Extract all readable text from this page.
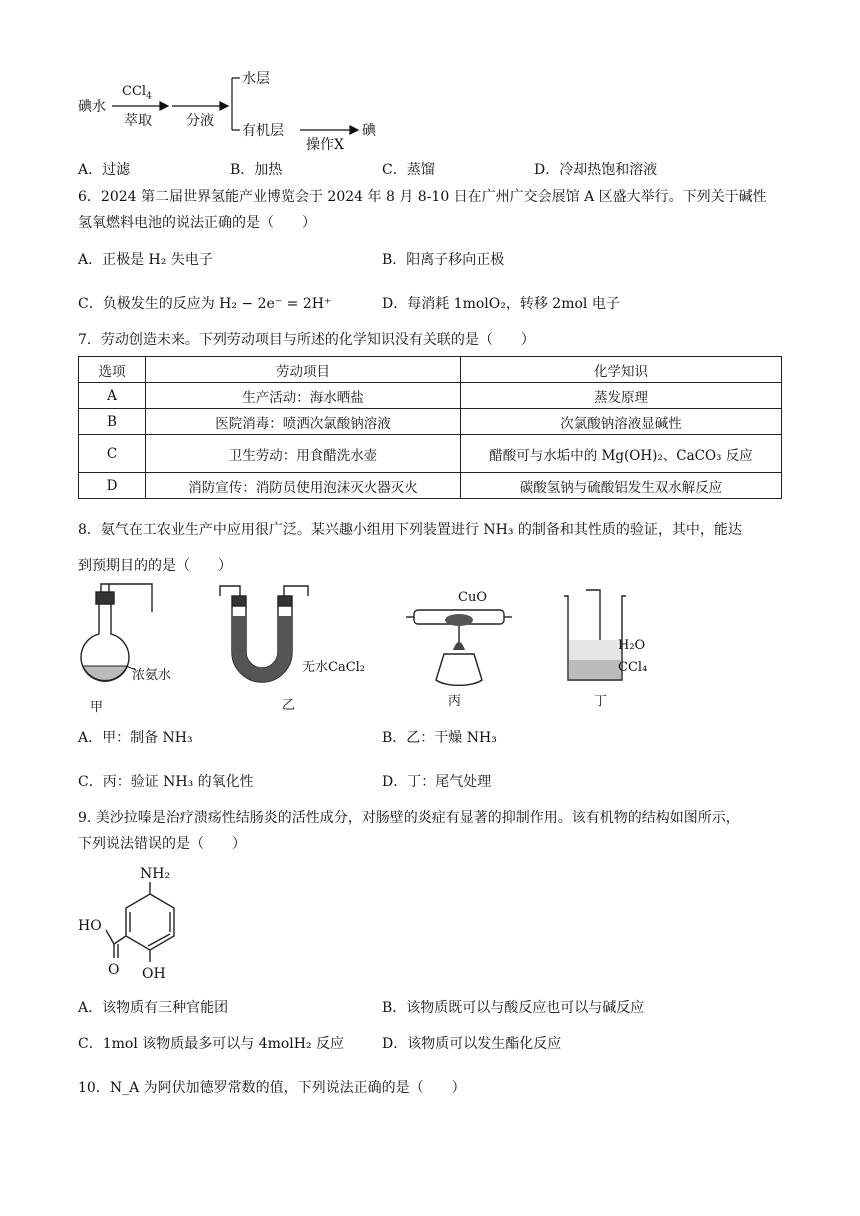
碘水
CCl$_4$
萃取 分液
水层
有机层
操作X
碘
A．过滤	B．加热	C．蒸馏	D．冷却热饱和溶液
6．2024 第二届世界氢能产业博览会于 2024 年 8 月 8-10 日在广州广交会展馆 A 区盛大举行。下列关于碱性
氢氧燃料电池的说法正确的是（　　）
A．正极是 H₂ 失电子	B．阳离子移向正极
C．负极发生的反应为 H₂ − 2e⁻ = 2H⁺	D．每消耗 1molO₂，转移 2mol 电子
7．劳动创造未来。下列劳动项目与所述的化学知识没有关联的是（　　）
选项	劳动项目	化学知识
A	生产活动：海水晒盐	蒸发原理
B	医院消毒：喷洒次氯酸钠溶液	次氯酸钠溶液显碱性
C	卫生劳动：用食醋洗水壶	醋酸可与水垢中的 Mg(OH)₂、CaCO₃ 反应
D	消防宣传：消防员使用泡沫灭火器灭火	碳酸氢钠与硫酸铝发生双水解反应
8．氨气在工农业生产中应用很广泛。某兴趣小组用下列装置进行 NH₃ 的制备和其性质的验证，其中，能达
到预期目的的是（　　）
浓氨水
甲
无水CaCl₂
乙
CuO
丙
H₂O
CCl₄
丁
A．甲：制备 NH₃	B．乙：干燥 NH₃
C．丙：验证 NH₃ 的氧化性	D．丁：尾气处理
9. 美沙拉嗪是治疗溃疡性结肠炎的活性成分，对肠壁的炎症有显著的抑制作用。该有机物的结构如图所示，
下列说法错误的是（　　）
NH₂
HO
O OH
A．该物质有三种官能团	B．该物质既可以与酸反应也可以与碱反应
C．1mol 该物质最多可以与 4molH₂ 反应	D．该物质可以发生酯化反应
10．N_A 为阿伏加德罗常数的值，下列说法正确的是（　　）
